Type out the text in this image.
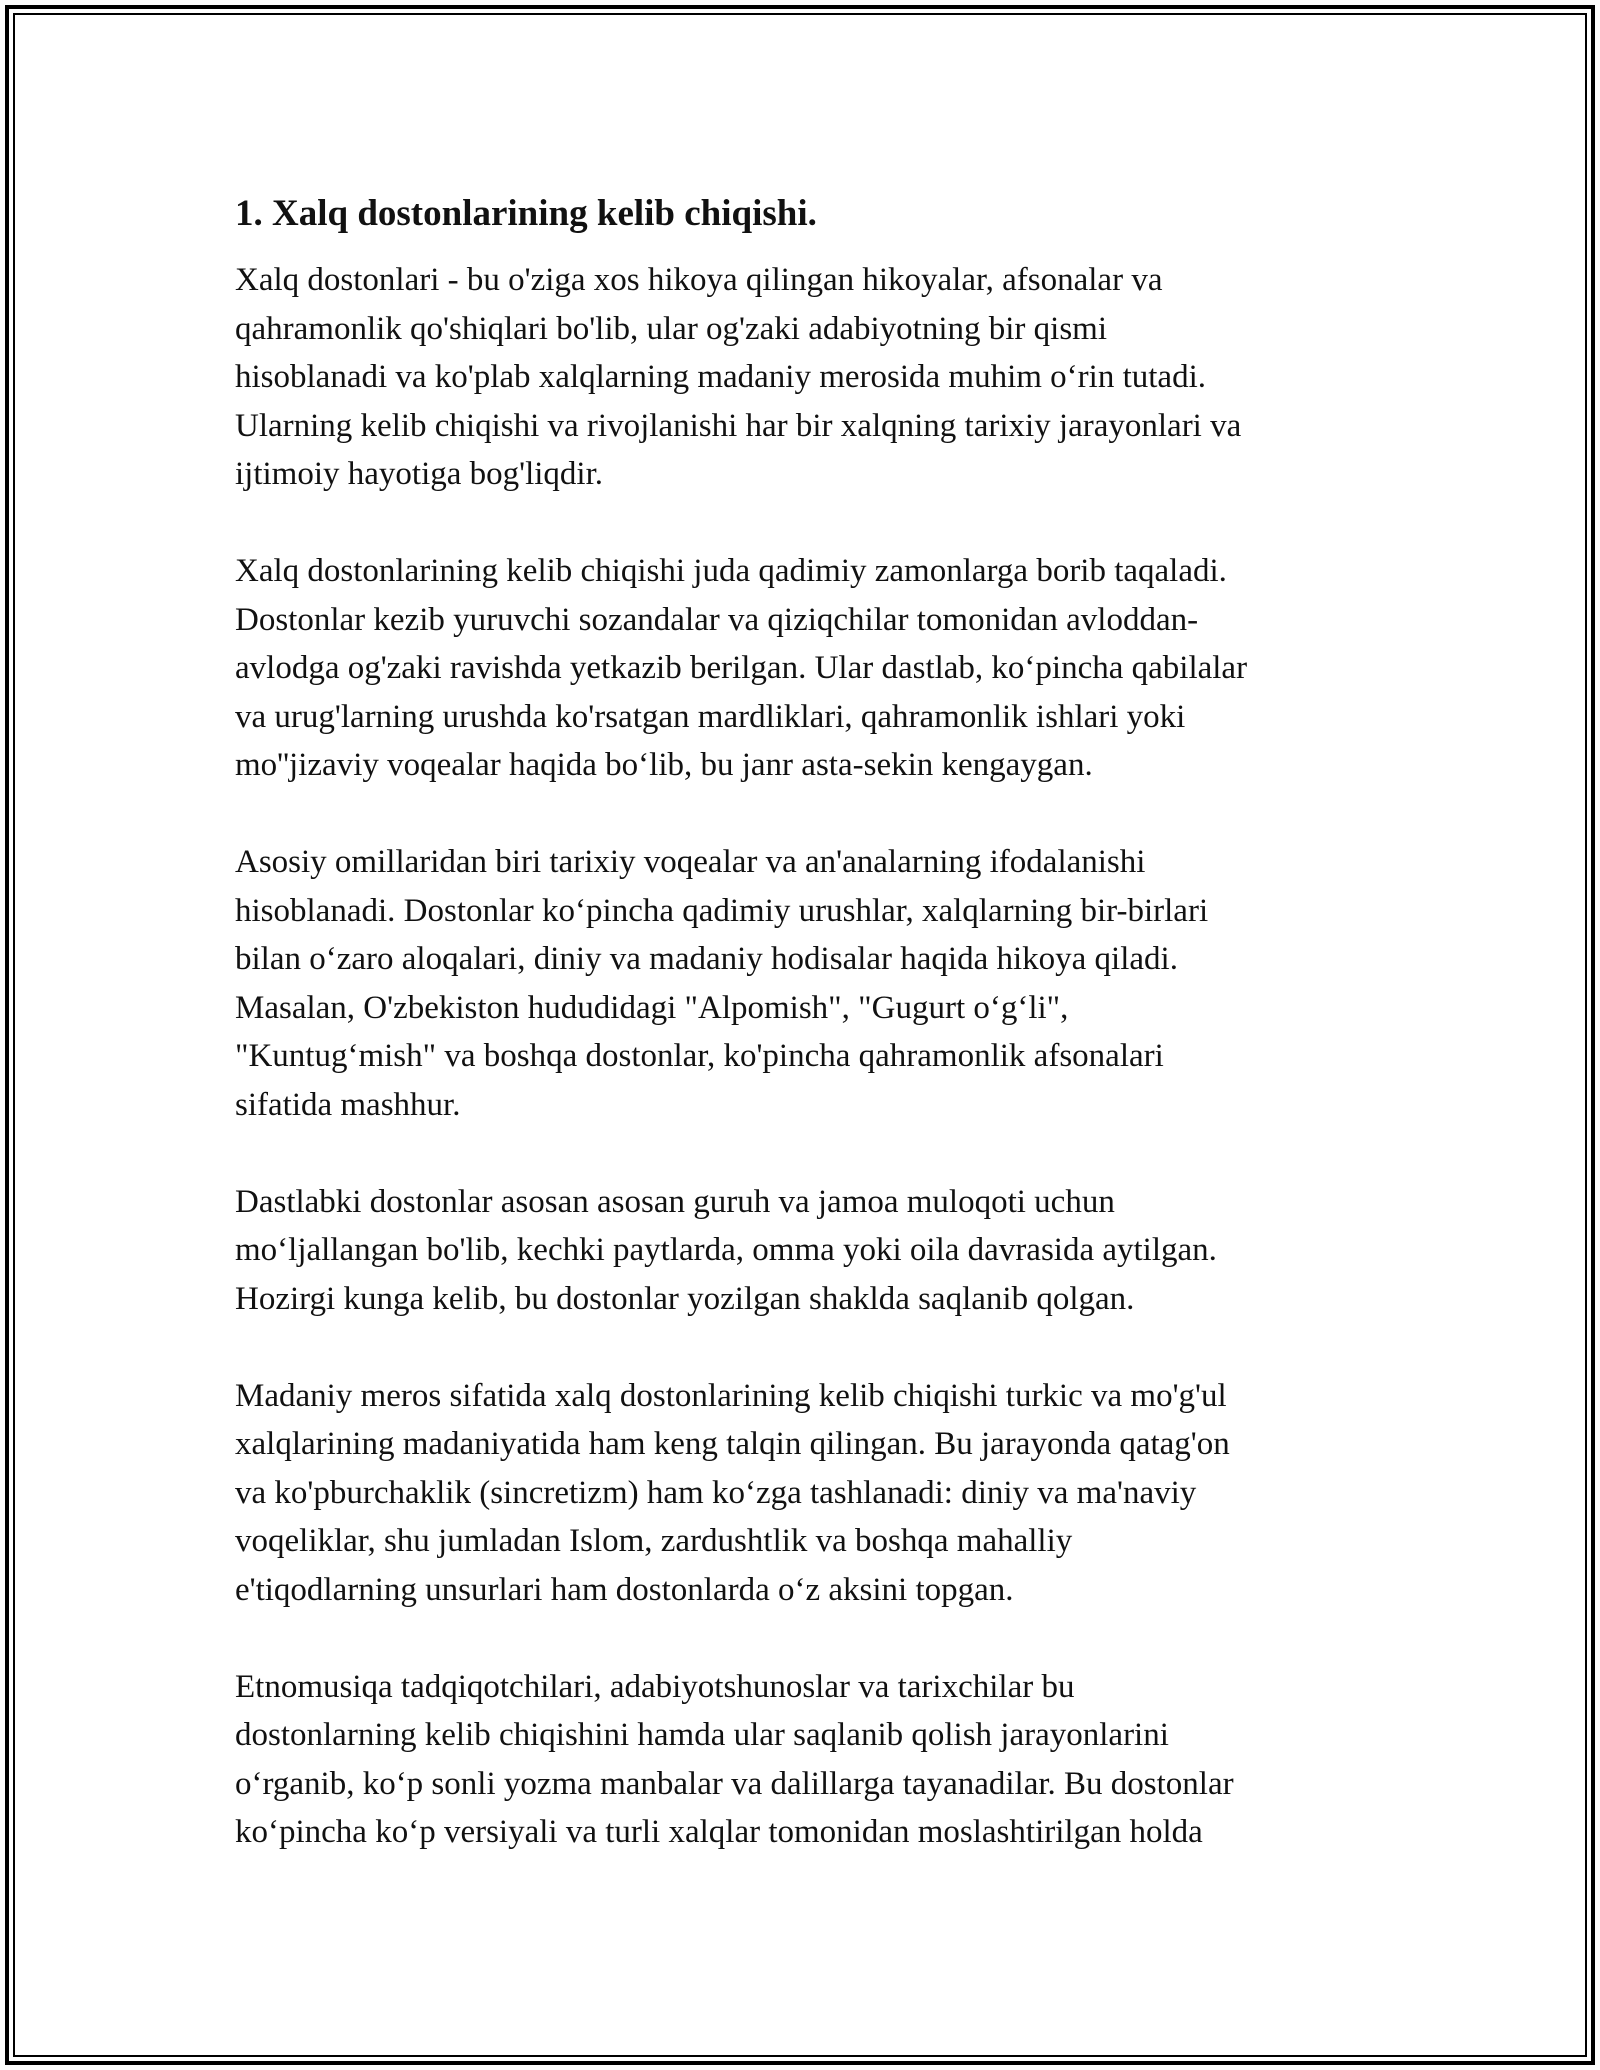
1. Xalq dostonlarining kelib chiqishi.
Xalq dostonlari - bu o'ziga xos hikoya qilingan hikoyalar, afsonalar va
qahramonlik qo'shiqlari bo'lib, ular og'zaki adabiyotning bir qismi
hisoblanadi va ko'plab xalqlarning madaniy merosida muhim oʻrin tutadi.
Ularning kelib chiqishi va rivojlanishi har bir xalqning tarixiy jarayonlari va
ijtimoiy hayotiga bog'liqdir.
Xalq dostonlarining kelib chiqishi juda qadimiy zamonlarga borib taqaladi.
Dostonlar kezib yuruvchi sozandalar va qiziqchilar tomonidan avloddan-
avlodga og'zaki ravishda yetkazib berilgan. Ular dastlab, koʻpincha qabilalar
va urug'larning urushda ko'rsatgan mardliklari, qahramonlik ishlari yoki
mo''jizaviy voqealar haqida boʻlib, bu janr asta-sekin kengaygan.
Asosiy omillaridan biri tarixiy voqealar va an'analarning ifodalanishi
hisoblanadi. Dostonlar koʻpincha qadimiy urushlar, xalqlarning bir-birlari
bilan oʻzaro aloqalari, diniy va madaniy hodisalar haqida hikoya qiladi.
Masalan, O'zbekiston hududidagi "Alpomish", "Gugurt oʻgʻli",
"Kuntugʻmish" va boshqa dostonlar, ko'pincha qahramonlik afsonalari
sifatida mashhur.
Dastlabki dostonlar asosan asosan guruh va jamoa muloqoti uchun
moʻljallangan bo'lib, kechki paytlarda, omma yoki oila davrasida aytilgan.
Hozirgi kunga kelib, bu dostonlar yozilgan shaklda saqlanib qolgan.
Madaniy meros sifatida xalq dostonlarining kelib chiqishi turkic va mo'g'ul
xalqlarining madaniyatida ham keng talqin qilingan. Bu jarayonda qatag'on
va ko'pburchaklik (sincretizm) ham koʻzga tashlanadi: diniy va ma'naviy
voqeliklar, shu jumladan Islom, zardushtlik va boshqa mahalliy
e'tiqodlarning unsurlari ham dostonlarda oʻz aksini topgan.
Etnomusiqa tadqiqotchilari, adabiyotshunoslar va tarixchilar bu
dostonlarning kelib chiqishini hamda ular saqlanib qolish jarayonlarini
oʻrganib, koʻp sonli yozma manbalar va dalillarga tayanadilar. Bu dostonlar
koʻpincha koʻp versiyali va turli xalqlar tomonidan moslashtirilgan holda
